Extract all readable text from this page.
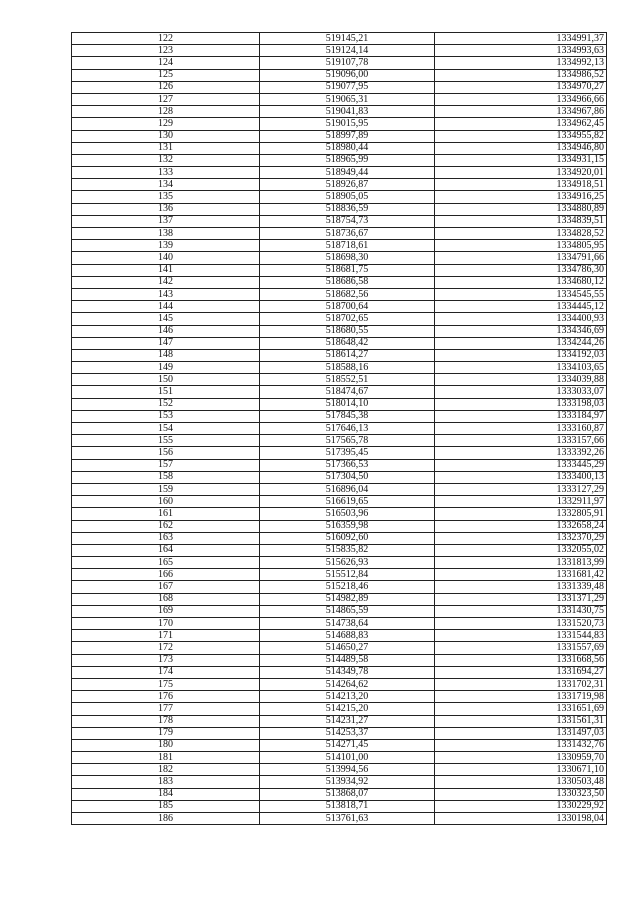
122	519145,21	1334991,37
123	519124,14	1334993,63
124	519107,78	1334992,13
125	519096,00	1334986,52
126	519077,95	1334970,27
127	519065,31	1334966,66
128	519041,83	1334967,86
129	519015,95	1334962,45
130	518997,89	1334955,82
131	518980,44	1334946,80
132	518965,99	1334931,15
133	518949,44	1334920,01
134	518926,87	1334918,51
135	518905,05	1334916,25
136	518836,59	1334880,89
137	518754,73	1334839,51
138	518736,67	1334828,52
139	518718,61	1334805,95
140	518698,30	1334791,66
141	518681,75	1334786,30
142	518686,58	1334680,12
143	518682,56	1334545,55
144	518700,64	1334445,12
145	518702,65	1334400,93
146	518680,55	1334346,69
147	518648,42	1334244,26
148	518614,27	1334192,03
149	518588,16	1334103,65
150	518552,51	1334039,88
151	518474,67	1333033,07
152	518014,10	1333198,03
153	517845,38	1333184,97
154	517646,13	1333160,87
155	517565,78	1333157,66
156	517395,45	1333392,26
157	517366,53	1333445,29
158	517304,50	1333400,13
159	516896,04	1333127,29
160	516619,65	1332911,97
161	516503,96	1332805,91
162	516359,98	1332658,24
163	516092,60	1332370,29
164	515835,82	1332055,02
165	515626,93	1331813,99
166	515512,84	1331681,42
167	515218,46	1331339,48
168	514982,89	1331371,29
169	514865,59	1331430,75
170	514738,64	1331520,73
171	514688,83	1331544,83
172	514650,27	1331557,69
173	514489,58	1331668,56
174	514349,78	1331694,27
175	514264,62	1331702,31
176	514213,20	1331719,98
177	514215,20	1331651,69
178	514231,27	1331561,31
179	514253,37	1331497,03
180	514271,45	1331432,76
181	514101,00	1330959,70
182	513994,56	1330671,10
183	513934,92	1330503,48
184	513868,07	1330323,50
185	513818,71	1330229,92
186	513761,63	1330198,04
